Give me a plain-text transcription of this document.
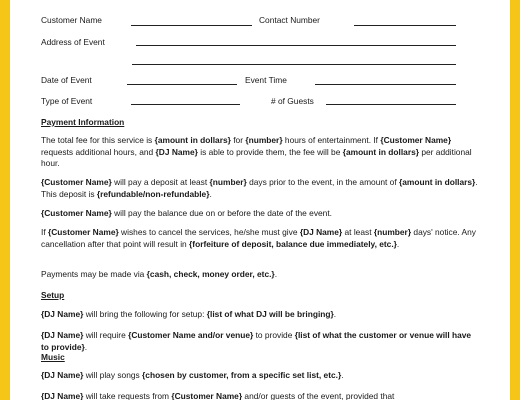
Customer Name	Contact Number
Address of Event
Date of Event	Event Time
Type of Event	# of Guests
Payment Information
The total fee for this service is {amount in dollars} for {number} hours of entertainment. If {Customer Name} requests additional hours, and {DJ Name} is able to provide them, the fee will be {amount in dollars} per additional hour.
{Customer Name} will pay a deposit at least {number} days prior to the event, in the amount of {amount in dollars}. This deposit is {refundable/non-refundable}.
{Customer Name} will pay the balance due on or before the date of the event.
If {Customer Name} wishes to cancel the services, he/she must give {DJ Name} at least {number} days' notice. Any cancellation after that point will result in {forfeiture of deposit, balance due immediately, etc.}.
Payments may be made via {cash, check, money order, etc.}.
Setup
{DJ Name} will bring the following for setup: {list of what DJ will be bringing}.
{DJ Name} will require {Customer Name and/or venue} to provide {list of what the customer or venue will have to provide}.
Music
{DJ Name} will play songs {chosen by customer, from a specific set list, etc.}.
{DJ Name} will take requests from {Customer Name} and/or guests of the event, provided that
